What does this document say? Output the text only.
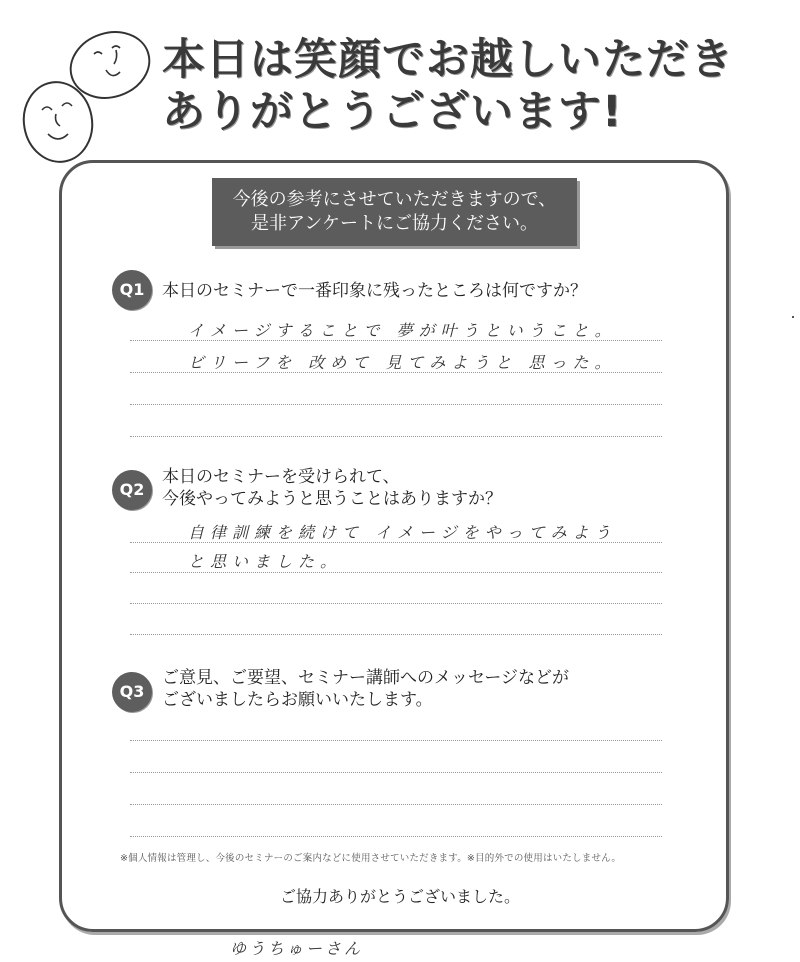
本日は笑顔でお越しいただき
ありがとうございます!
今後の参考にさせていただきますので、
是非アンケートにご協力ください。
Q1	本日のセミナーで一番印象に残ったところは何ですか？
イメージすることで 夢が叶うということ。
ビリーフを 改めて 見てみようと 思った。
Q2
本日のセミナーを受けられて、
今後やってみようと思うことはありますか？
自律訓練を続けて イメージをやってみよう
と思いました。
Q3
ご意見、ご要望、セミナー講師へのメッセージなどが
ございましたらお願いいたします。
※個人情報は管理し、今後のセミナーのご案内などに使用させていただきます。※目的外での使用はいたしません。
ご協力ありがとうございました。
ゆうちゅーさん
